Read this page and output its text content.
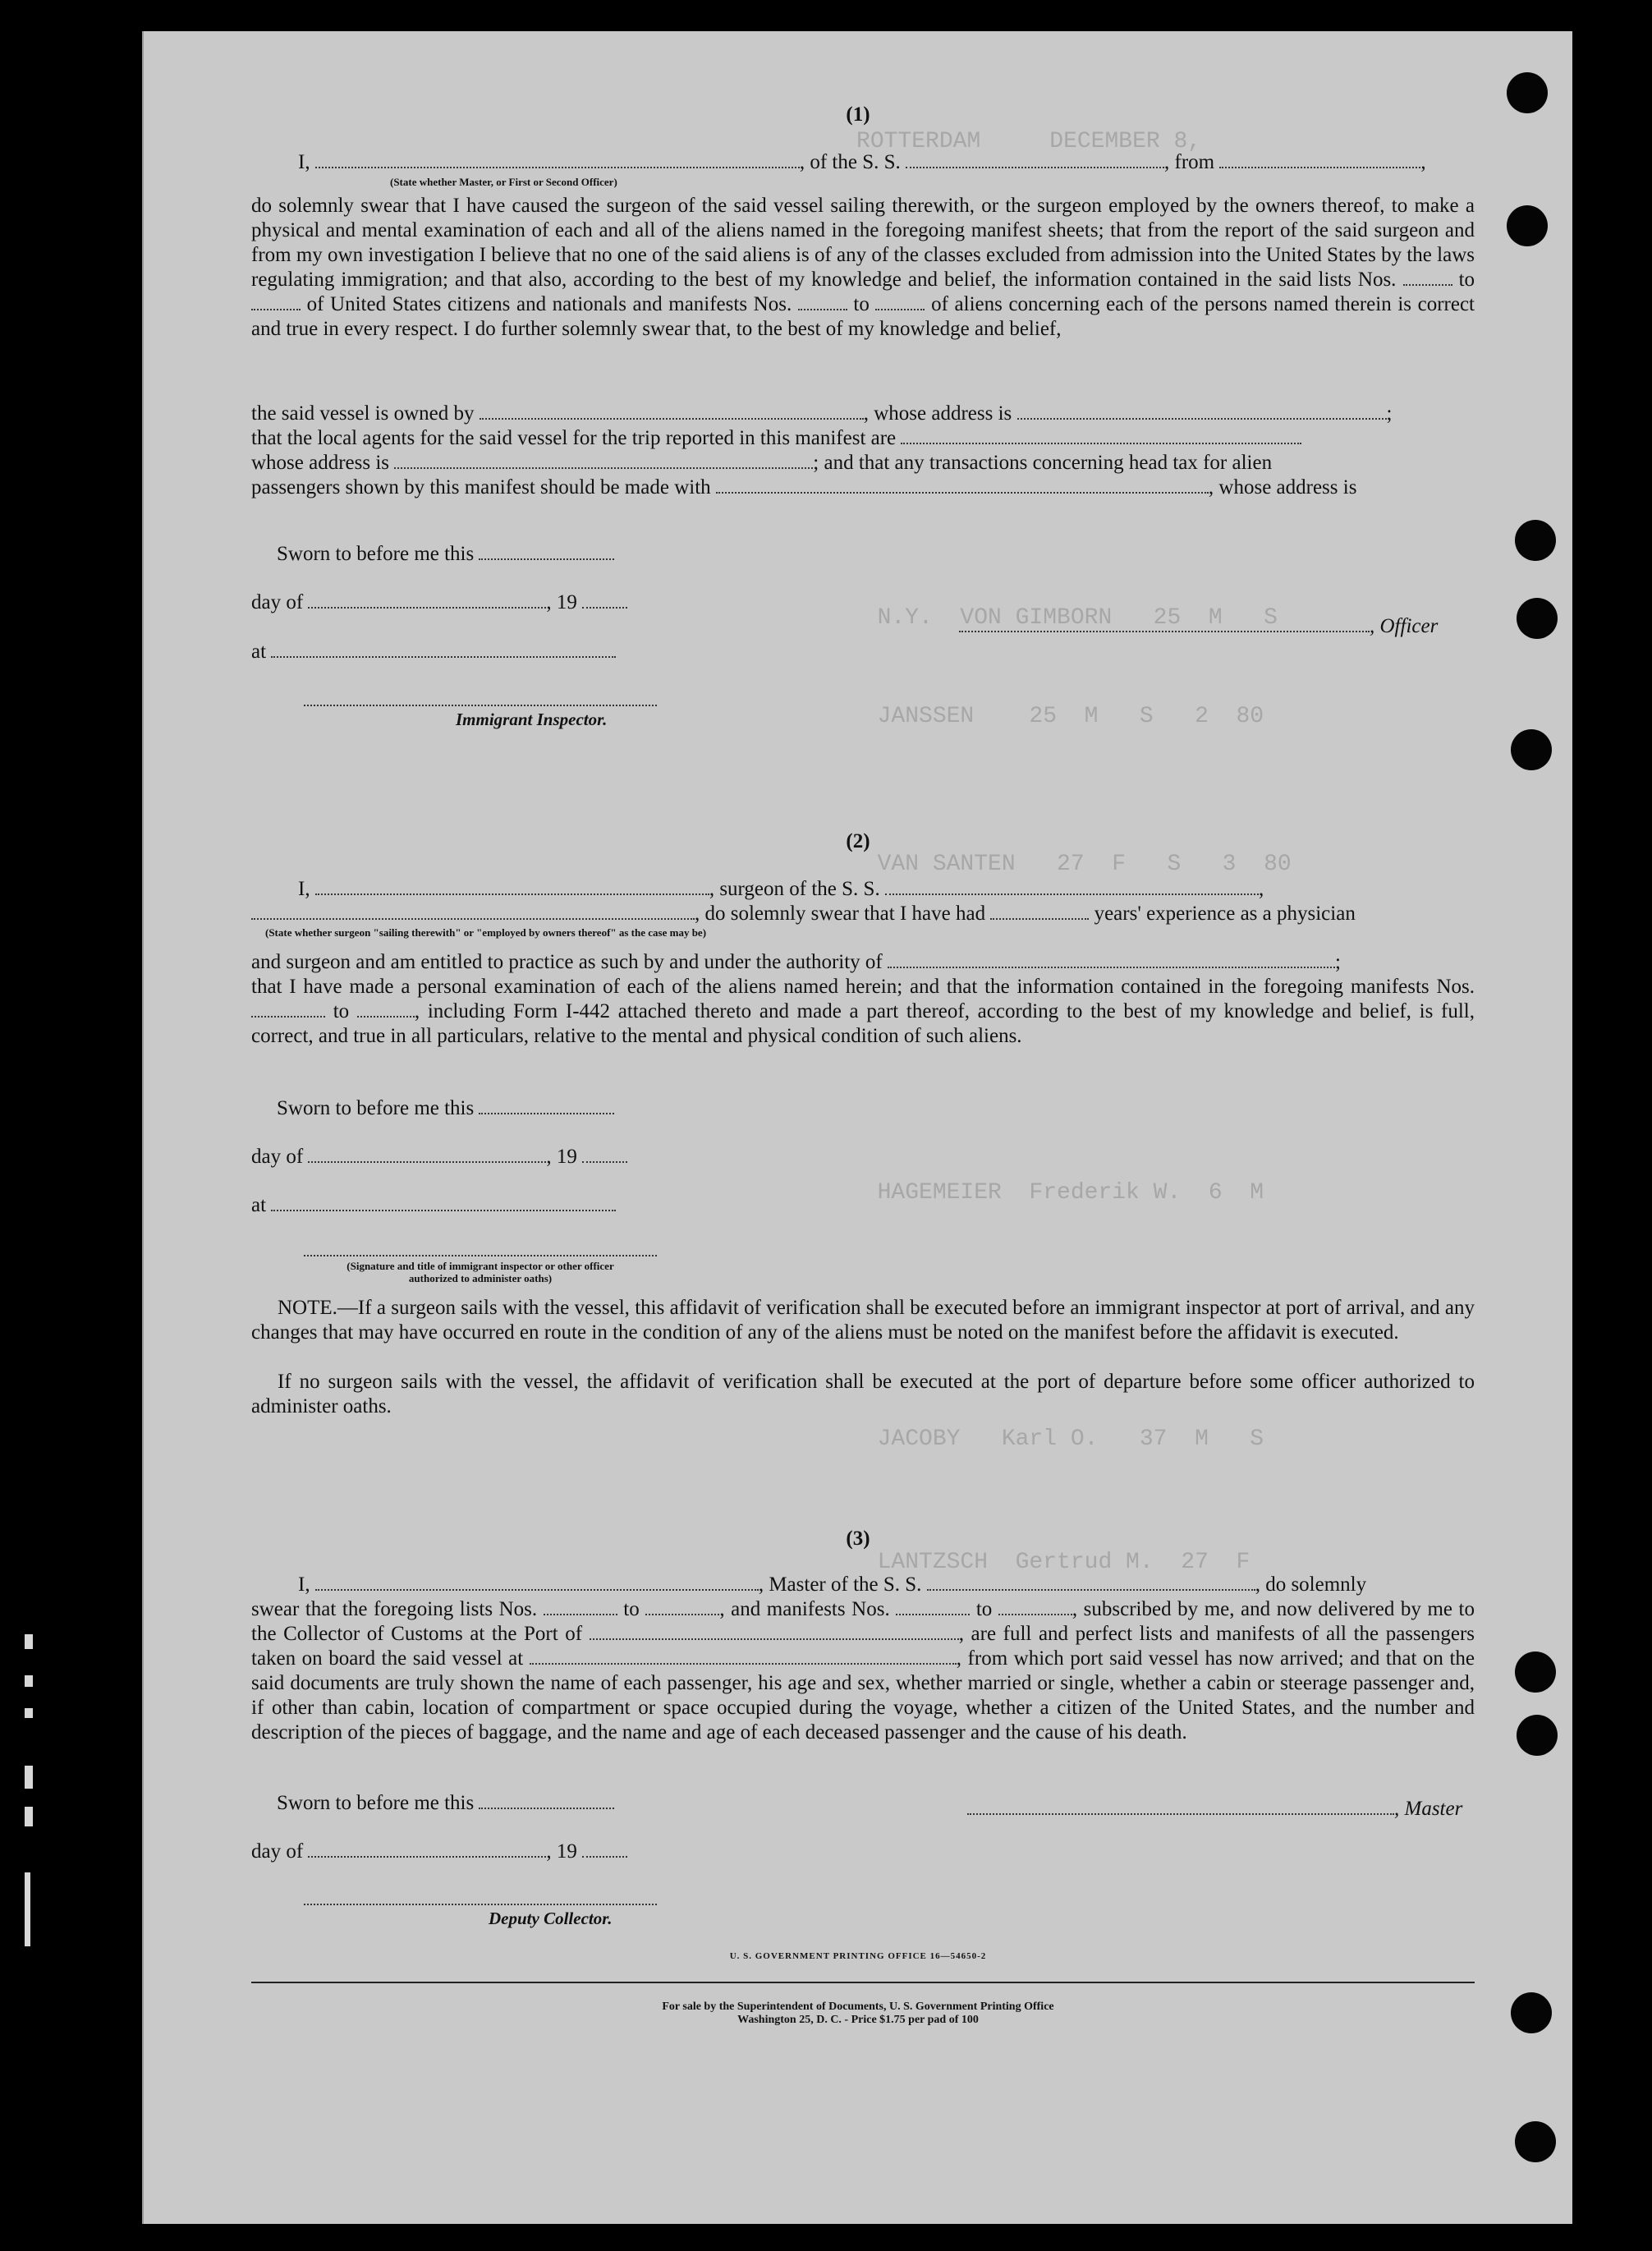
ROTTERDAM     DECEMBER 8,
N.Y.  VON GIMBORN   25  M   S
JANSSEN    25  M   S   2  80
VAN SANTEN   27  F   S   3  80
HAGEMEIER  Frederik W.  6  M
JACOBY   Karl O.   37  M   S
LANTZSCH  Gertrud M.  27  F
(1)
I,	, of the S. S.	, from	,
(State whether Master, or First or Second Officer)

do solemnly swear that I have caused the surgeon of the said vessel sailing therewith, or the surgeon employed by the owners thereof, to make a physical and mental examination of each and all of the aliens named in the foregoing manifest sheets; that from the report of the said surgeon and from my own investigation I believe that no one of the said aliens is of any of the classes excluded from admission into the United States by the laws regulating immigration; and that also, according to the best of my knowledge and belief, the information contained in the said lists Nos.	to  of United States citizens and nationals and manifests Nos.	to	of aliens concerning each of the persons named therein is correct and true in every respect. I do further solemnly swear that, to the best of my knowledge and belief,

the said vessel is owned by	, whose address is	;
that the local agents for the said vessel for the trip reported in this manifest are
whose address is	; and that any transactions concerning head tax for alien
passengers shown by this manifest should be made with	, whose address is
Sworn to before me this
day of	, 19
, Officer
at
Immigrant Inspector.
(2)
I,	, surgeon of the S. S.	,
, do solemnly swear that I have had	years' experience as a physician
(State whether surgeon "sailing therewith" or "employed by owners thereof" as the case may be)
and surgeon and am entitled to practice as such by and under the authority of	;

that I have made a personal examination of each of the aliens named herein; and that the information contained in the foregoing manifests Nos.  to	, including Form I-442 attached thereto and made a part thereof, according to the best of my knowledge and belief, is full, correct, and true in all particulars, relative to the mental and physical condition of such aliens.

Sworn to before me this
day of	, 19
at
(Signature and title of immigrant inspector or other officer authorized to administer oaths)

NOTE.—If a surgeon sails with the vessel, this affidavit of verification shall be executed before an immigrant inspector at port of arrival, and any changes that may have occurred en route in the condition of any of the aliens must be noted on the manifest before the affidavit is executed.

If no surgeon sails with the vessel, the affidavit of verification shall be executed at the port of departure before some officer authorized to administer oaths.

(3)
I,	, Master of the S. S.	, do solemnly

swear that the foregoing lists Nos.	to	, and manifests Nos.	to	, subscribed by me, and now delivered by me to the Collector of Customs at the Port of	, are full and perfect lists and manifests of all the passengers taken on board the said vessel at	, from which port said vessel has now arrived; and that on the said documents are truly shown the name of each passenger, his age and sex, whether married or single, whether a cabin or steerage passenger and, if other than cabin, location of compartment or space occupied during the voyage, whether a citizen of the United States, and the number and description of the pieces of baggage, and the name and age of each deceased passenger and the cause of his death.

Sworn to before me this	, Master
day of	, 19
Deputy Collector.
U. S. GOVERNMENT PRINTING OFFICE 16—54650-2
For sale by the Superintendent of Documents, U. S. Government Printing Office
Washington 25, D. C. - Price $1.75 per pad of 100
